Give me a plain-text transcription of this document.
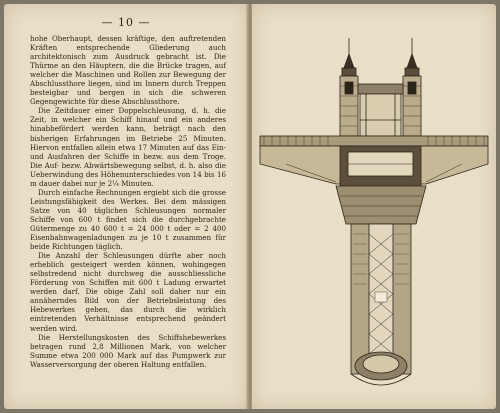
— 10 —

hohe Oberhaupt, dessen kräftige, den auftretenden Kräften entsprechende Gliederung auch architektonisch zum Ausdruck gebracht ist. Die Thürme an den Häuptern, die die Brücke tragen, auf welcher die Maschinen und Rollen zur Bewegung der Abschlussthore liegen, sind im Innern durch Treppen besteigbar und bergen in sich die schweren Gegengewichte für diese Abschlussthore.

Die Zeitdauer einer Doppelschleusung, d. h. die Zeit, in welcher ein Schiff hinauf und ein anderes hinabbefördert werden kann, beträgt nach den bisherigen Erfahrungen im Betriebe 25 Minuten. Hiervon entfallen allein etwa 17 Minuten auf das Ein- und Ausfahren der Schiffe in bezw. aus dem Troge. Die Auf- bezw. Abwärtsbewegung selbst, d. h. also die Ueberwindung des Höhenunterschiedes von 14 bis 16 m dauer dabei nur je 2¼ Minuten.

Durch einfache Rechnungen ergiebt sich die grosse Leistungsfähigkeit des Werkes. Bei dem mässigen Satze von 40 täglichen Schleusungen normaler Schiffe von 600 t findet sich die durchgebrachte Gütermenge zu 40 600 t = 24 000 t oder = 2 400 Eisenbahnwagenladungen zu je 10 t zusammen für beide Richtungen täglich.

Die Anzahl der Schleusungen dürfte aber noch erheblich gesteigert werden können, wohingegen selbstredend nicht durchweg die ausschliessliche Förderung von Schiffen mit 600 t Ladung erwartet werden darf. Die obige Zahl soll daher nur ein annäherndes Bild von der Betriebsleistung des Hebewerkes geben, das durch die wirklich eintretenden Verhältnisse entsprechend geändert werden wird.

Die Herstellungskosten des Schiffshebewerkes betragen rund 2,8 Millionen Mark, von welcher Summe etwa 200 000 Mark auf das Pumpwerk zur Wasserversorgung der oberen Haltung entfallen.
